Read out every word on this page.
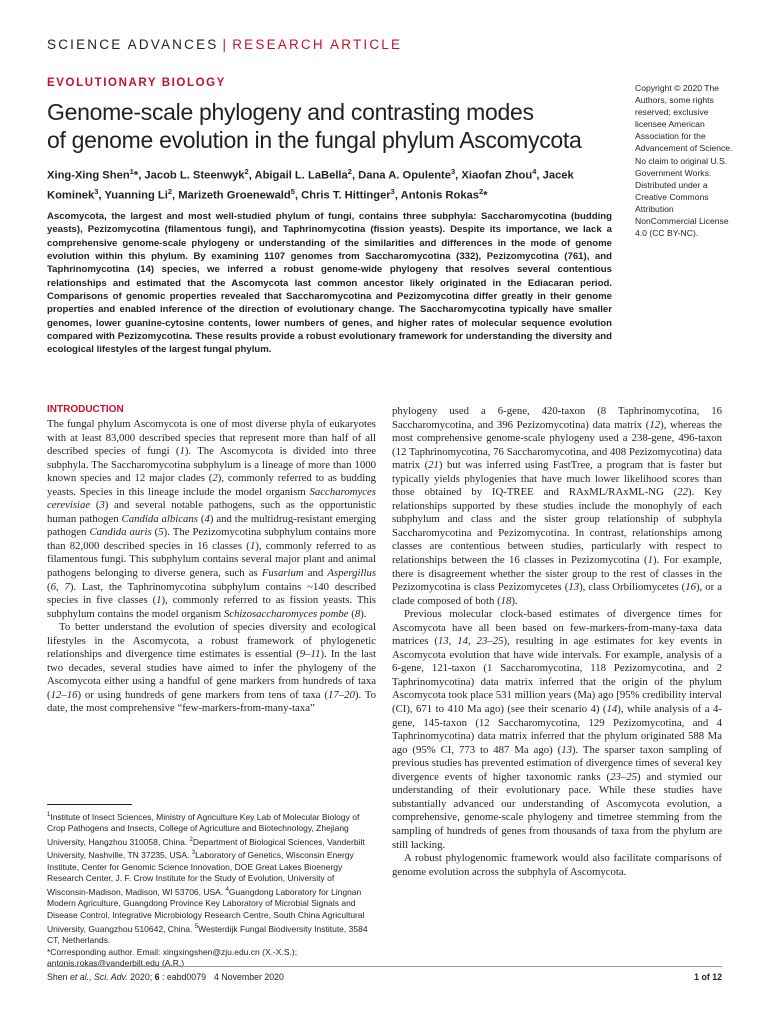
SCIENCE ADVANCES | RESEARCH ARTICLE
EVOLUTIONARY BIOLOGY
Genome-scale phylogeny and contrasting modes
of genome evolution in the fungal phylum Ascomycota
Xing-Xing Shen$^1$*, Jacob L. Steenwyk$^2$, Abigail L. LaBella$^2$, Dana A. Opulente$^3$, Xiaofan Zhou$^4$, Jacek Kominek$^3$, Yuanning Li$^2$, Marizeth Groenewald$^5$, Chris T. Hittinger$^3$, Antonis Rokas$^2$*
Ascomycota, the largest and most well-studied phylum of fungi, contains three subphyla: Saccharomycotina (budding yeasts), Pezizomycotina (filamentous fungi), and Taphrinomycotina (fission yeasts). Despite its importance, we lack a comprehensive genome-scale phylogeny or understanding of the similarities and differences in the mode of genome evolution within this phylum. By examining 1107 genomes from Saccharomycotina (332), Pezizomycotina (761), and Taphrinomycotina (14) species, we inferred a robust genome-wide phylogeny that resolves several contentious relationships and estimated that the Ascomycota last common ancestor likely originated in the Ediacaran period. Comparisons of genomic properties revealed that Saccharomycotina and Pezizomycotina differ greatly in their genome properties and enabled inference of the direction of evolutionary change. The Saccharomycotina typically have smaller genomes, lower guanine-cytosine contents, lower numbers of genes, and higher rates of molecular sequence evolution compared with Pezizomycotina. These results provide a robust evolutionary framework for understanding the diversity and ecological lifestyles of the largest fungal phylum.
Copyright © 2020 The Authors, some rights reserved; exclusive licensee American Association for the Advancement of Science. No claim to original U.S. Government Works. Distributed under a Creative Commons Attribution NonCommercial License 4.0 (CC BY-NC).
INTRODUCTION

The fungal phylum Ascomycota is one of most diverse phyla of eukaryotes with at least 83,000 described species that represent more than half of all described species of fungi (1). The Ascomycota is divided into three subphyla. The Saccharomycotina subphylum is a lineage of more than 1000 known species and 12 major clades (2), commonly referred to as budding yeasts. Species in this lineage include the model organism Saccharomyces cerevisiae (3) and several notable pathogens, such as the opportunistic human pathogen Candida albicans (4) and the multidrug-resistant emerging pathogen Candida auris (5). The Pezizomycotina subphylum contains more than 82,000 described species in 16 classes (1), commonly referred to as filamentous fungi. This subphylum contains several major plant and animal pathogens belonging to diverse genera, such as Fusarium and Aspergillus (6, 7). Last, the Taphrinomycotina subphylum contains ~140 described species in five classes (1), commonly referred to as fission yeasts. This subphylum contains the model organism Schizosaccharomyces pombe (8).

To better understand the evolution of species diversity and ecological lifestyles in the Ascomycota, a robust framework of phylogenetic relationships and divergence time estimates is essential (9–11). In the last two decades, several studies have aimed to infer the phylogeny of the Ascomycota either using a handful of gene markers from hundreds of taxa (12–16) or using hundreds of gene markers from tens of taxa (17–20). To date, the most comprehensive “few-markers-from-many-taxa”

phylogeny used a 6-gene, 420-taxon (8 Taphrinomycotina, 16 Saccharomycotina, and 396 Pezizomycotina) data matrix (12), whereas the most comprehensive genome-scale phylogeny used a 238-gene, 496-taxon (12 Taphrinomycotina, 76 Saccharomycotina, and 408 Pezizomycotina) data matrix (21) but was inferred using FastTree, a program that is faster but typically yields phylogenies that have much lower likelihood scores than those obtained by IQ-TREE and RAxML/RAxML-NG (22). Key relationships supported by these studies include the monophyly of each subphylum and class and the sister group relationship of subphyla Saccharomycotina and Pezizomycotina. In contrast, relationships among classes are contentious between studies, particularly with respect to relationships between the 16 classes in Pezizomycotina (1). For example, there is disagreement whether the sister group to the rest of classes in the Pezizomycotina is class Pezizomycetes (13), class Orbiliomycetes (16), or a clade composed of both (18).

Previous molecular clock-based estimates of divergence times for Ascomycota have all been based on few-markers-from-many-taxa data matrices (13, 14, 23–25), resulting in age estimates for key events in Ascomycota evolution that have wide intervals. For example, analysis of a 6-gene, 121-taxon (1 Saccharomycotina, 118 Pezizomycotina, and 2 Taphrinomycotina) data matrix inferred that the origin of the phylum Ascomycota took place 531 million years (Ma) ago [95% credibility interval (CI), 671 to 410 Ma ago) (see their scenario 4) (14), while analysis of a 4-gene, 145-taxon (12 Saccharomycotina, 129 Pezizomycotina, and 4 Taphrinomycotina) data matrix inferred that the phylum originated 588 Ma ago (95% CI, 773 to 487 Ma ago) (13). The sparser taxon sampling of previous studies has prevented estimation of divergence times of several key divergence events of higher taxonomic ranks (23–25) and stymied our understanding of their evolutionary pace. While these studies have substantially advanced our understanding of Ascomycota evolution, a comprehensive, genome-scale phylogeny and timetree stemming from the sampling of hundreds of genes from thousands of taxa from the phylum are still lacking.

A robust phylogenomic framework would also facilitate comparisons of genome evolution across the subphyla of Ascomycota.

$^1$Institute of Insect Sciences, Ministry of Agriculture Key Lab of Molecular Biology of Crop Pathogens and Insects, College of Agriculture and Biotechnology, Zhejiang University, Hangzhou 310058, China. $^2$Department of Biological Sciences, Vanderbilt University, Nashville, TN 37235, USA. $^3$Laboratory of Genetics, Wisconsin Energy Institute, Center for Genomic Science Innovation, DOE Great Lakes Bioenergy Research Center, J. F. Crow Institute for the Study of Evolution, University of Wisconsin-Madison, Madison, WI 53706, USA. $^4$Guangdong Laboratory for Lingnan Modern Agriculture, Guangdong Province Key Laboratory of Microbial Signals and Disease Control, Integrative Microbiology Research Centre, South China Agricultural University, Guangzhou 510642, China. $^5$Westerdijk Fungal Biodiversity Institute, 3584 CT, Netherlands.

*Corresponding author. Email: xingxingshen@zju.edu.cn (X.-X.S.); antonis.rokas@vanderbilt.edu (A.R.)

Shen et al., Sci. Adv. 2020; 6 : eabd0079 4 November 2020	1 of 12
